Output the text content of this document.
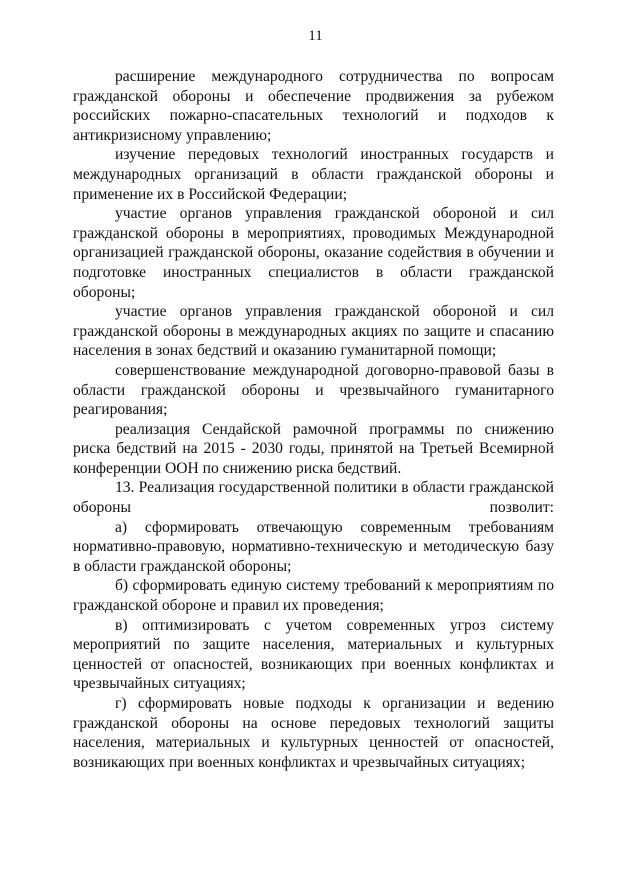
11

расширение международного сотрудничества по вопросам гражданской обороны и обеспечение продвижения за рубежом российских пожарно-спасательных технологий и подходов к антикризисному управлению;

изучение передовых технологий иностранных государств и международных организаций в области гражданской обороны и применение их в Российской Федерации;

участие органов управления гражданской обороной и сил гражданской обороны в мероприятиях, проводимых Международной организацией гражданской обороны, оказание содействия в обучении и подготовке иностранных специалистов в области гражданской обороны;

участие органов управления гражданской обороной и сил гражданской обороны в международных акциях по защите и спасанию населения в зонах бедствий и оказанию гуманитарной помощи;

совершенствование международной договорно-правовой базы в области гражданской обороны и чрезвычайного гуманитарного реагирования;

реализация Сендайской рамочной программы по снижению риска бедствий на 2015 - 2030 годы, принятой на Третьей Всемирной конференции ООН по снижению риска бедствий.

13. Реализация государственной политики в области гражданской обороны позволит:

а) сформировать отвечающую современным требованиям нормативно-правовую, нормативно-техническую и методическую базу в области гражданской обороны;

б) сформировать единую систему требований к мероприятиям по гражданской обороне и правил их проведения;

в) оптимизировать с учетом современных угроз систему мероприятий по защите населения, материальных и культурных ценностей от опасностей, возникающих при военных конфликтах и чрезвычайных ситуациях;

г) сформировать новые подходы к организации и ведению гражданской обороны на основе передовых технологий защиты населения, материальных и культурных ценностей от опасностей, возникающих при военных конфликтах и чрезвычайных ситуациях;
